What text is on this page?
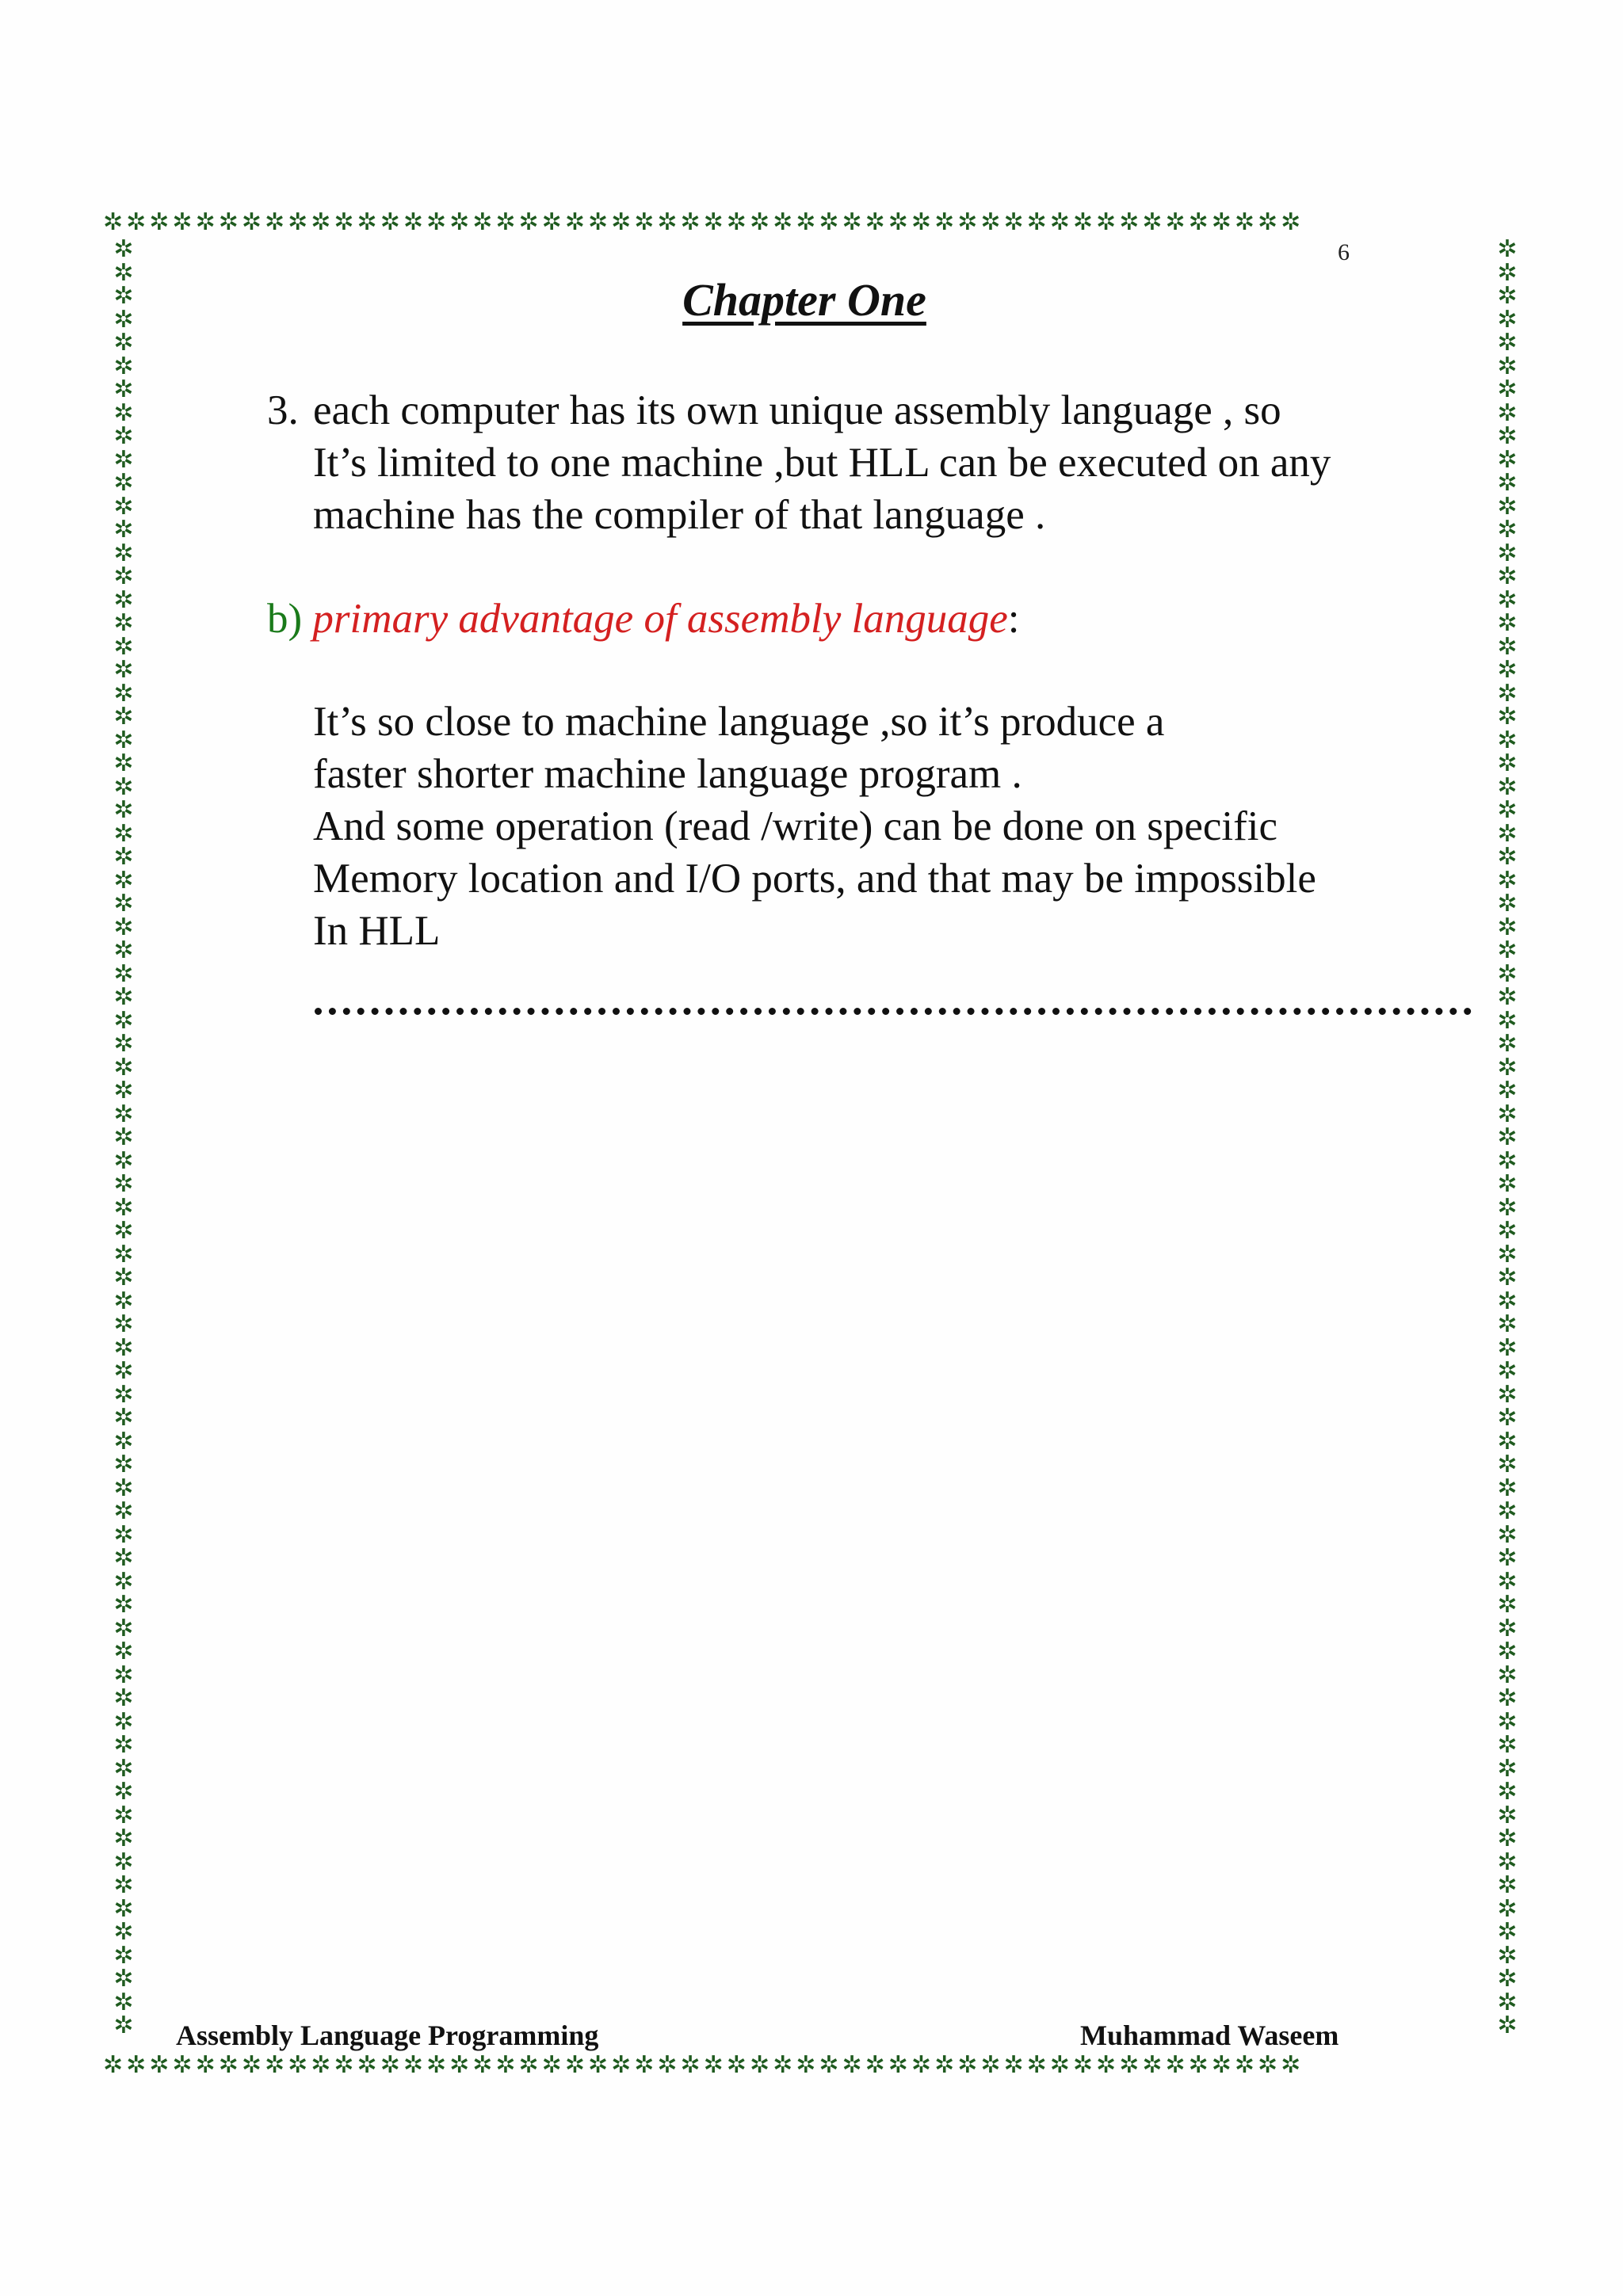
✲✲✲✲✲✲✲✲✲✲✲✲✲✲✲✲✲✲✲✲✲✲✲✲✲✲✲✲✲✲✲✲✲✲✲✲✲✲✲✲✲✲✲✲✲✲✲✲✲✲✲✲
✲✲✲✲✲✲✲✲✲✲✲✲✲✲✲✲✲✲✲✲✲✲✲✲✲✲✲✲✲✲✲✲✲✲✲✲✲✲✲✲✲✲✲✲✲✲✲✲✲✲✲✲
✲
✲
✲
✲
✲
✲
✲
✲
✲
✲
✲
✲
✲
✲
✲
✲
✲
✲
✲
✲
✲
✲
✲
✲
✲
✲
✲
✲
✲
✲
✲
✲
✲
✲
✲
✲
✲
✲
✲
✲
✲
✲
✲
✲
✲
✲
✲
✲
✲
✲
✲
✲
✲
✲
✲
✲
✲
✲
✲
✲
✲
✲
✲
✲
✲
✲
✲
✲
✲
✲
✲
✲
✲
✲
✲
✲
✲
✲
✲
✲
✲
✲
✲
✲
✲
✲
✲
✲
✲
✲
✲
✲
✲
✲
✲
✲
✲
✲
✲
✲
✲
✲
✲
✲
✲
✲
✲
✲
✲
✲
✲
✲
✲
✲
✲
✲
✲
✲
✲
✲
✲
✲
✲
✲
✲
✲
✲
✲
✲
✲
✲
✲
✲
✲
✲
✲
✲
✲
✲
✲
✲
✲
✲
✲
✲
✲
✲
✲
✲
✲
✲
✲
✲
✲
6
Chapter One
3. each computer has its own unique assembly language , so
It’s limited to one machine ,but HLL can be executed on any
machine has the compiler of that language .
b) primary advantage of assembly language:
It’s so close to machine language ,so it’s produce a
faster shorter machine language program .
And some operation (read /write) can be done on specific
Memory location and I/O ports, and that may be impossible
In HLL
Assembly Language Programming	Muhammad Waseem
